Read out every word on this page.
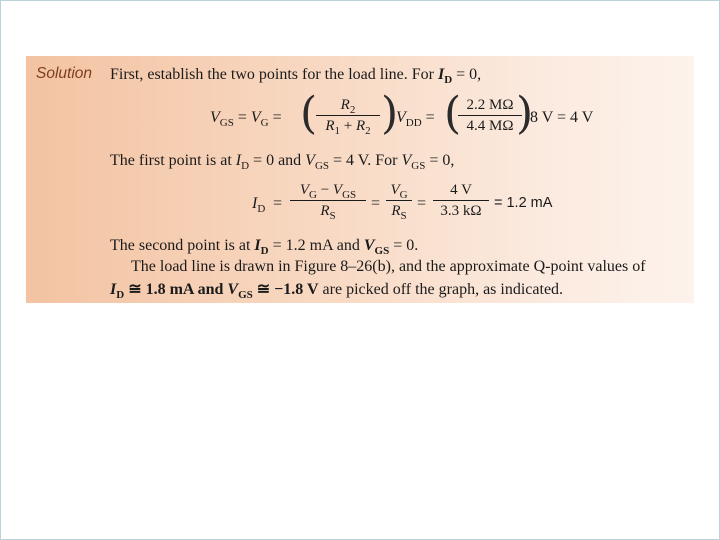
Solution First, establish the two points for the load line. For $I_D = 0$,
$V_{GS} = V_G$ = (	$R_2$
$R_1 + R_2$ )
$V_{DD}$ = ( 2.2 MΩ
4.4 MΩ )
8 V = 4 V
The first point is at $I_D = 0$ and $V_{GS} = 4$ V. For $V_{GS} = 0$,
$I_D$ =
$V_G - V_{GS}$
$R_S$
=
$V_G$
$R_S$
=
4 V
3.3 kΩ = 1.2 mA
The second point is at $I_D = 1.2$ mA and $V_{GS} = 0$.
The load line is drawn in Figure 8–26(b), and the approximate Q-point values of
$I_D$ ≅ 1.8 mA and $V_{GS}$ ≅ −1.8 V are picked off the graph, as indicated.
